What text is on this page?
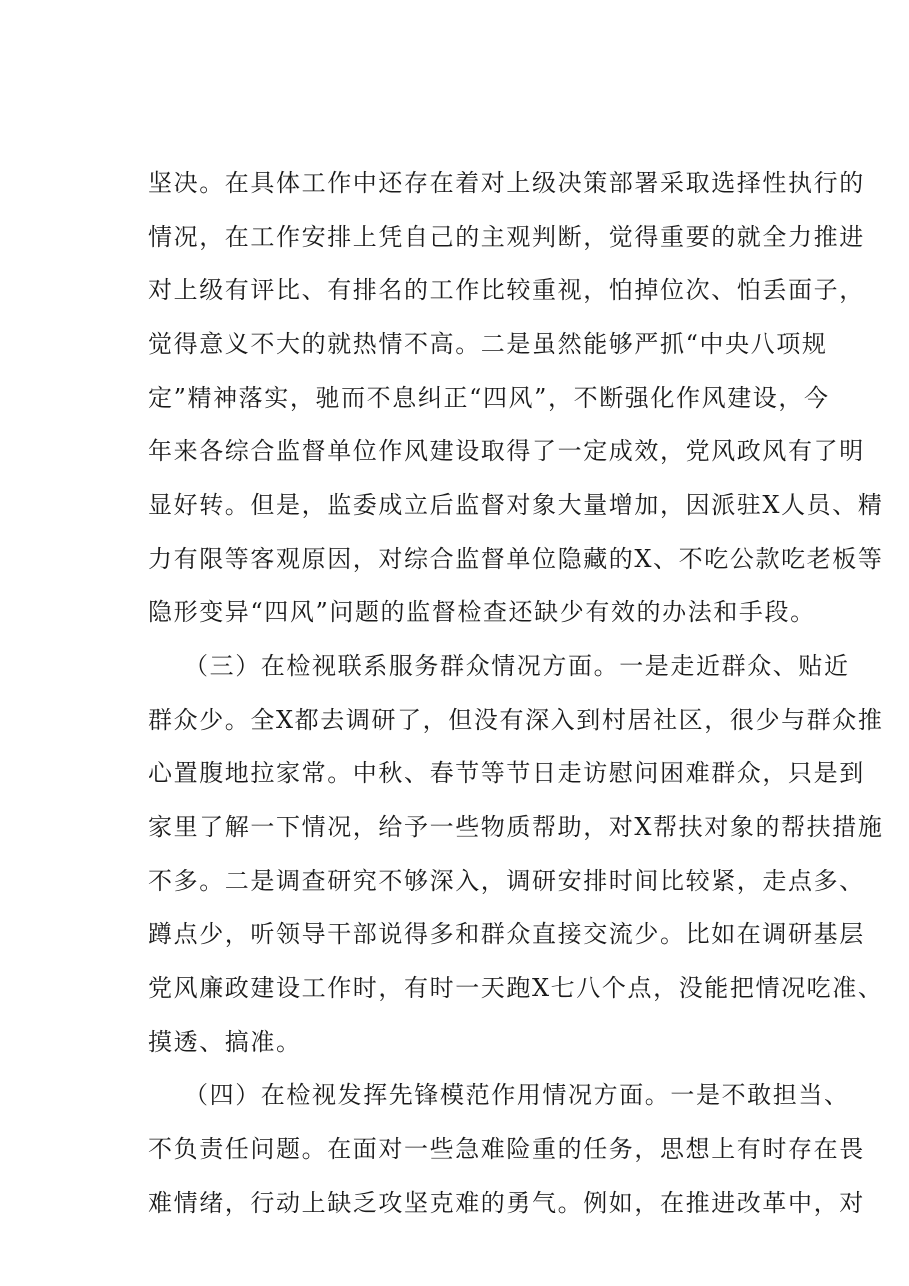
坚决。在具体工作中还存在着对上级决策部署采取选择性执行的
情况，在工作安排上凭自己的主观判断，觉得重要的就全力推进
对上级有评比、有排名的工作比较重视，怕掉位次、怕丢面子，
觉得意义不大的就热情不高。二是虽然能够严抓“中央八项规
定”精神落实，驰而不息纠正“四风”，不断强化作风建设，今
年来各综合监督单位作风建设取得了一定成效，党风政风有了明
显好转。但是，监委成立后监督对象大量增加，因派驻X人员、精
力有限等客观原因，对综合监督单位隐藏的X、不吃公款吃老板等
隐形变异“四风”问题的监督检查还缺少有效的办法和手段。
（三）在检视联系服务群众情况方面。一是走近群众、贴近
群众少。全X都去调研了，但没有深入到村居社区，很少与群众推
心置腹地拉家常。中秋、春节等节日走访慰问困难群众，只是到
家里了解一下情况，给予一些物质帮助，对X帮扶对象的帮扶措施
不多。二是调查研究不够深入，调研安排时间比较紧，走点多、
蹲点少，听领导干部说得多和群众直接交流少。比如在调研基层
党风廉政建设工作时，有时一天跑X七八个点，没能把情况吃准、
摸透、搞准。
（四）在检视发挥先锋模范作用情况方面。一是不敢担当、
不负责任问题。在面对一些急难险重的任务，思想上有时存在畏
难情绪，行动上缺乏攻坚克难的勇气。例如，在推进改革中，对
